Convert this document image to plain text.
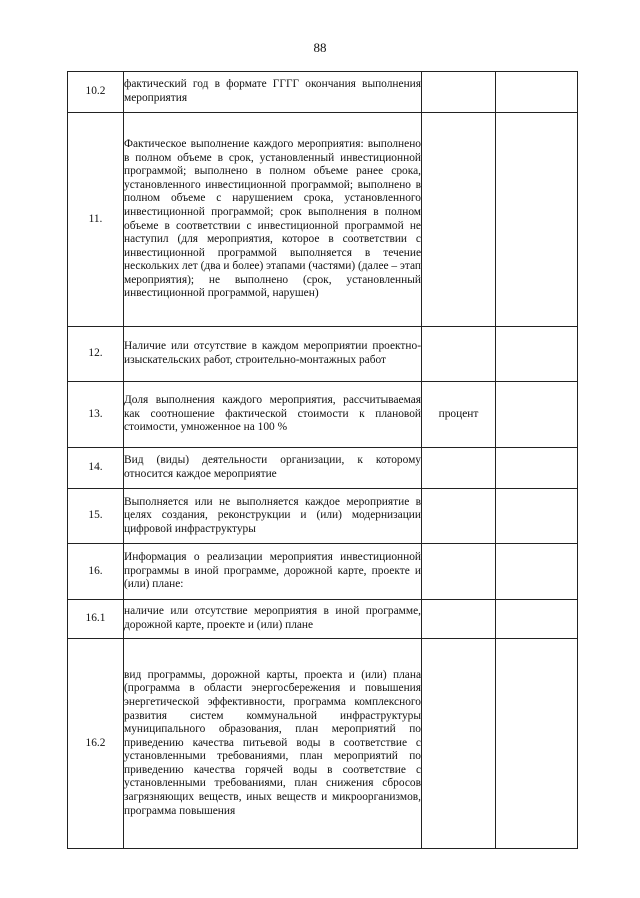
88
10.2	фактический год в формате ГГГГ окончания выполнения мероприятия		
11.	Фактическое выполнение каждого мероприятия: выполнено в полном объеме в срок, установленный инвестиционной программой; выполнено в полном объеме ранее срока, установленного инвестиционной программой; выполнено в полном объеме с нарушением срока, установленного инвестиционной программой; срок выполнения в полном объеме в соответствии с инвестиционной программой не наступил (для мероприятия, которое в соответствии с инвестиционной программой выполняется в течение нескольких лет (два и более) этапами (частями) (далее – этап мероприятия); не выполнено (срок, установленный инвестиционной программой, нарушен)		
12.	Наличие или отсутствие в каждом мероприятии проектно-изыскательских работ, строительно-монтажных работ		
13.	Доля выполнения каждого мероприятия, рассчитываемая как соотношение фактической стоимости к плановой стоимости, умноженное на 100 %	процент	
14.	Вид (виды) деятельности организации, к которому относится каждое мероприятие		
15.	Выполняется или не выполняется каждое мероприятие в целях создания, реконструкции и (или) модернизации цифровой инфраструктуры		
16.	Информация о реализации мероприятия инвестиционной программы в иной программе, дорожной карте, проекте и (или) плане:		
16.1	наличие или отсутствие мероприятия в иной программе, дорожной карте, проекте и (или) плане		
16.2	вид программы, дорожной карты, проекта и (или) плана (программа в области энергосбережения и повышения энергетической эффективности, программа комплексного развития систем коммунальной инфраструктуры муниципального образования, план мероприятий по приведению качества питьевой воды в соответствие с установленными требованиями, план мероприятий по приведению качества горячей воды в соответствие с установленными требованиями, план снижения сбросов загрязняющих веществ, иных веществ и микроорганизмов, программа повышения		
